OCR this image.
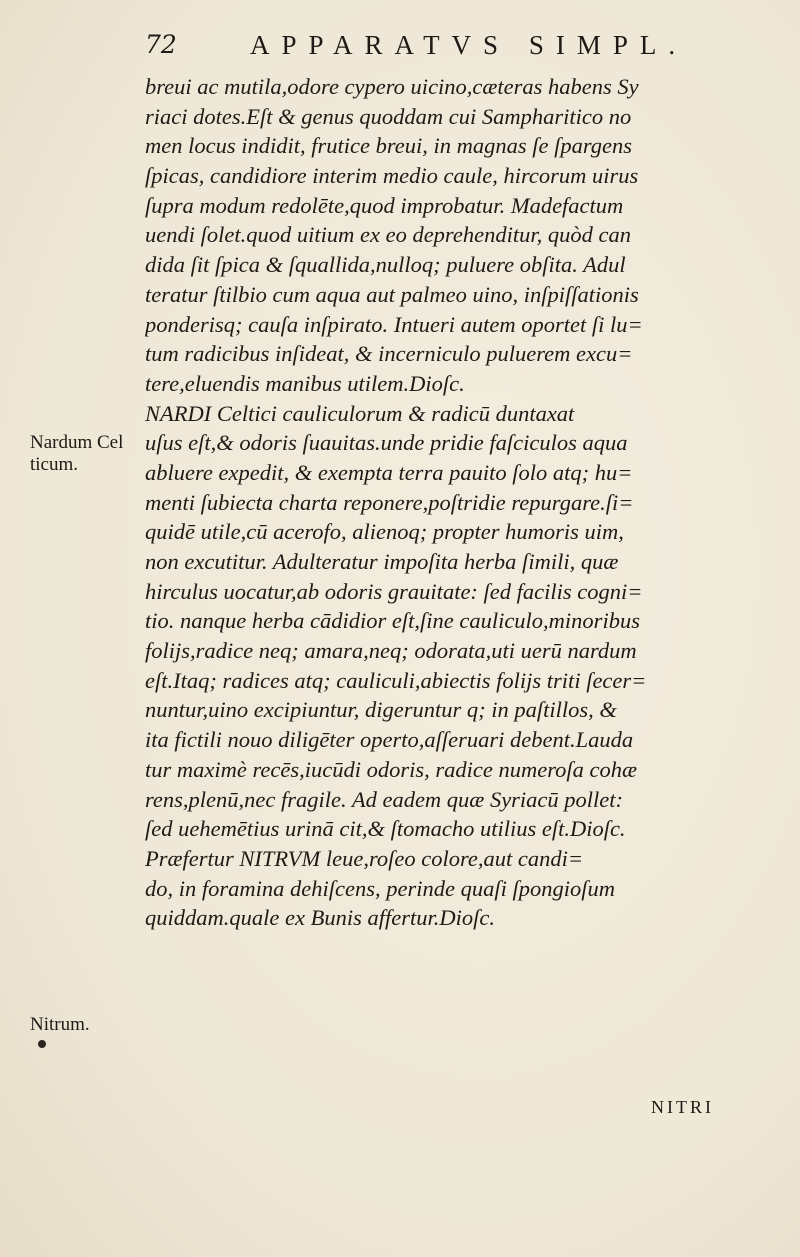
72	APPARATVS SIMPL.
Nardum Cel ticum.
Nitrum.
breui ac mutila,odore cypero uicino,cæteras habens Sy
riaci dotes.Eſt & genus quoddam cui Sampharitico no
men locus indidit, frutice breui, in magnas ſe ſpargens
ſpicas, candidiore interim medio caule, hircorum uirus
ſupra modum redolēte,quod improbatur. Madefactum
uendi ſolet.quod uitium ex eo deprehenditur, quòd can
dida ſit ſpica & ſquallida,nulloq; puluere obſita. Adul
teratur ſtilbio cum aqua aut palmeo uino, inſpiſſationis
ponderisq; cauſa inſpirato. Intueri autem oportet ſi lu=
tum radicibus inſideat, & incerniculo puluerem excu=
tere,eluendis manibus utilem.Dioſc.
NARDI Celtici cauliculorum & radicū duntaxat
uſus eſt,& odoris ſuauitas.unde pridie faſciculos aqua
abluere expedit, & exempta terra pauito ſolo atq; hu=
menti ſubiecta charta reponere,poſtridie repurgare.ſi=
quidē utile,cū acerofo, alienoq; propter humoris uim,
non excutitur. Adulteratur impoſita herba ſimili, quæ
hirculus uocatur,ab odoris grauitate: ſed facilis cogni=
tio. nanque herba cādidior eſt,ſine cauliculo,minoribus
folijs,radice neq; amara,neq; odorata,uti uerū nardum
eſt.Itaq; radices atq; cauliculi,abiectis folijs triti ſecer=
nuntur,uino excipiuntur, digeruntur q; in paſtillos, &
ita fictili nouo diligēter operto,aſſeruari debent.Lauda
tur maximè recēs,iucūdi odoris, radice numeroſa cohæ
rens,plenū,nec fragile. Ad eadem quæ Syriacū pollet:
ſed uehemētius urinā cit,& ſtomacho utilius eſt.Dioſc.
Præfertur NITRVM leue,roſeo colore,aut candi=
do, in foramina dehiſcens, perinde quaſi ſpongioſum
quiddam.quale ex Bunis affertur.Dioſc.
NITRI
